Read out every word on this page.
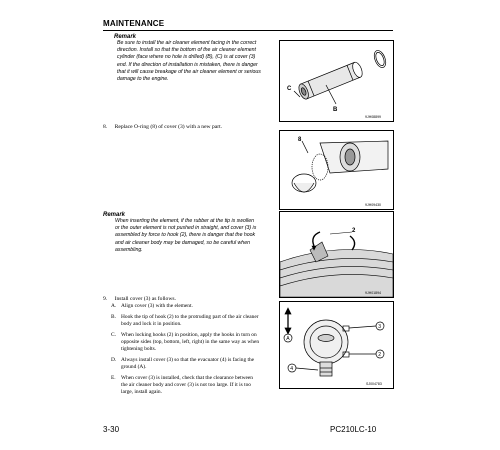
MAINTENANCE
Remark
Be sure to install the air cleaner element facing in the correct
direction. Install so that the bottom of the air cleaner element
cylinder (face where no hole is drilled) (B), (C) is at cover (3)
end. If the direction of installation is mistaken, there is danger
that it will cause breakage of the air cleaner element or serious
damage to the engine.
C
B
9JH08899
8. Replace O-ring (8) of cover (3) with a new part.
8
9JH09430
Remark
When inserting the element, if the rubber at the tip is swollen
or the outer element is not pushed in straight, and cover (3) is
assembled by force to hook (2), there is danger that the hook
and air cleaner body may be damaged, so be careful when
assembling.
2
9JH01894
9. Install cover (3) as follows.
A. Align cover (3) with the element.
B. Hook the tip of hook (2) to the protruding part of the air cleaner
body and lock it in position.
C. When locking hooks (2) in position, apply the hooks in turn on
opposite sides (top, bottom, left, right) in the same way as when
tightening bolts.
D. Always install cover (3) so that the evacuator (4) is facing the
ground (A).
E. When cover (3) is installed, check that the clearance between
the air cleaner body and cover (3) is not too large. If it is too
large, install again.
3
2
A
4
SJ004783
3-30	PC210LC-10
